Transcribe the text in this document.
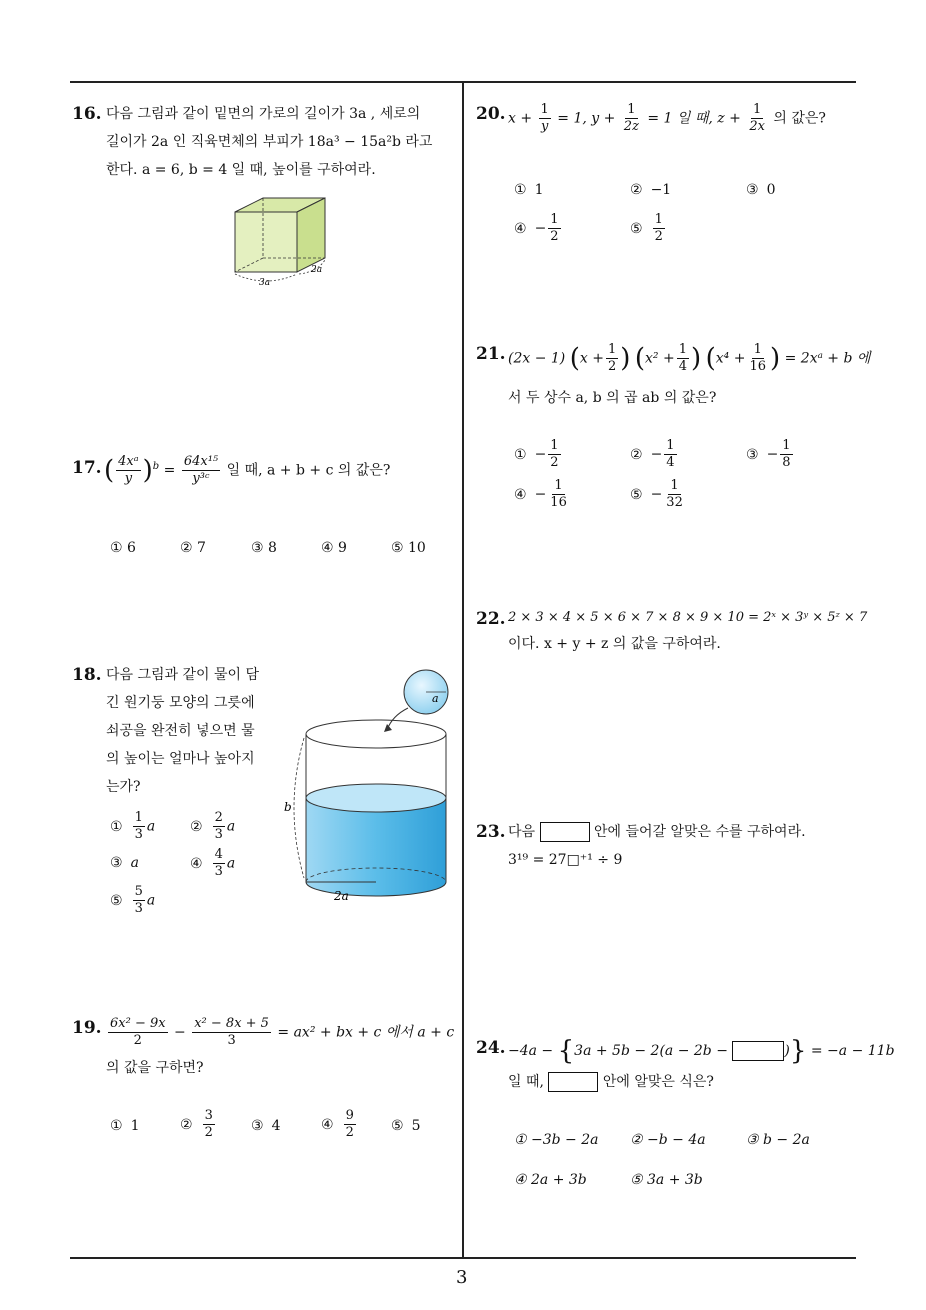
16. 다음 그림과 같이 밑면의 가로의 길이가 3a , 세로의
길이가 2a 인 직육면체의 부피가 18a³ − 15a²b 라고
한다. a = 6, b = 4 일 때, 높이를 구하여라.
3a
2a
17. ( $\frac{\text{4xᵃ}}{y} )^b = \frac{\text{64x¹⁵}}{\text{y³ᶜ}}$ 일 때, a + b + c 의 값은?
① 6	② 7	③ 8	④ 9	⑤ 10
18. 다음 그림과 같이 물이 담
긴 원기둥 모양의 그릇에
쇠공을 완전히 넣으면 물
의 높이는 얼마나 높아지
는가?
① $\frac{1}{3}$ a ② $\frac{2}{3}$ a
③ a	④ $\frac{4}{3}$ a
⑤ $\frac{5}{3}$ a
a
2a
b
19. $\frac{\text{6x² − 9x}}{2} - \frac{\text{x² − 8x + 5}}{3} = ax^2$ + bx + c 에서 a + c
의 값을 구하면?
① 1	② $\frac{3}{2}$	③ 4	④ $\frac{9}{2}$	⑤ 5
20. $x + \frac{1}{y} = 1$, $y + \frac{1}{2z} = 1$ 일 때, $z + \frac{1}{2x}$ 의 값은?
① 1	② −1	③ 0
④ − $\frac{1}{2}$	⑤ $\frac{1}{2}$
21. (2x − 1) ($x + \frac{1}{2}$ ) ($x^2 + \frac{1}{4}$ ) ($x^4 + \frac{1}{16}$ ) = 2xᵃ + b 에
서 두 상수 a, b 의 곱 ab 의 값은?
① − $\frac{1}{2}$	② − $\frac{1}{4}$	③ − $\frac{1}{8}$
④ − $\frac{1}{16}$	⑤ − $\frac{1}{32}$
22. 2 × 3 × 4 × 5 × 6 × 7 × 8 × 9 × 10 = 2ˣ × 3ʸ × 5ᶻ × 7
이다. x + y + z 의 값을 구하여라.
23. 다음	안에 들어갈 알맞은 수를 구하여라.
3¹⁹ = 27□⁺¹ ÷ 9
24. −4a − {3a + 5b − 2(a − 2b −	)} = −a − 11b
일 때,	안에 알맞은 식은?
① −3b − 2a ② −b − 4a	③ b − 2a
④ 2a + 3b	⑤ 3a + 3b
3
